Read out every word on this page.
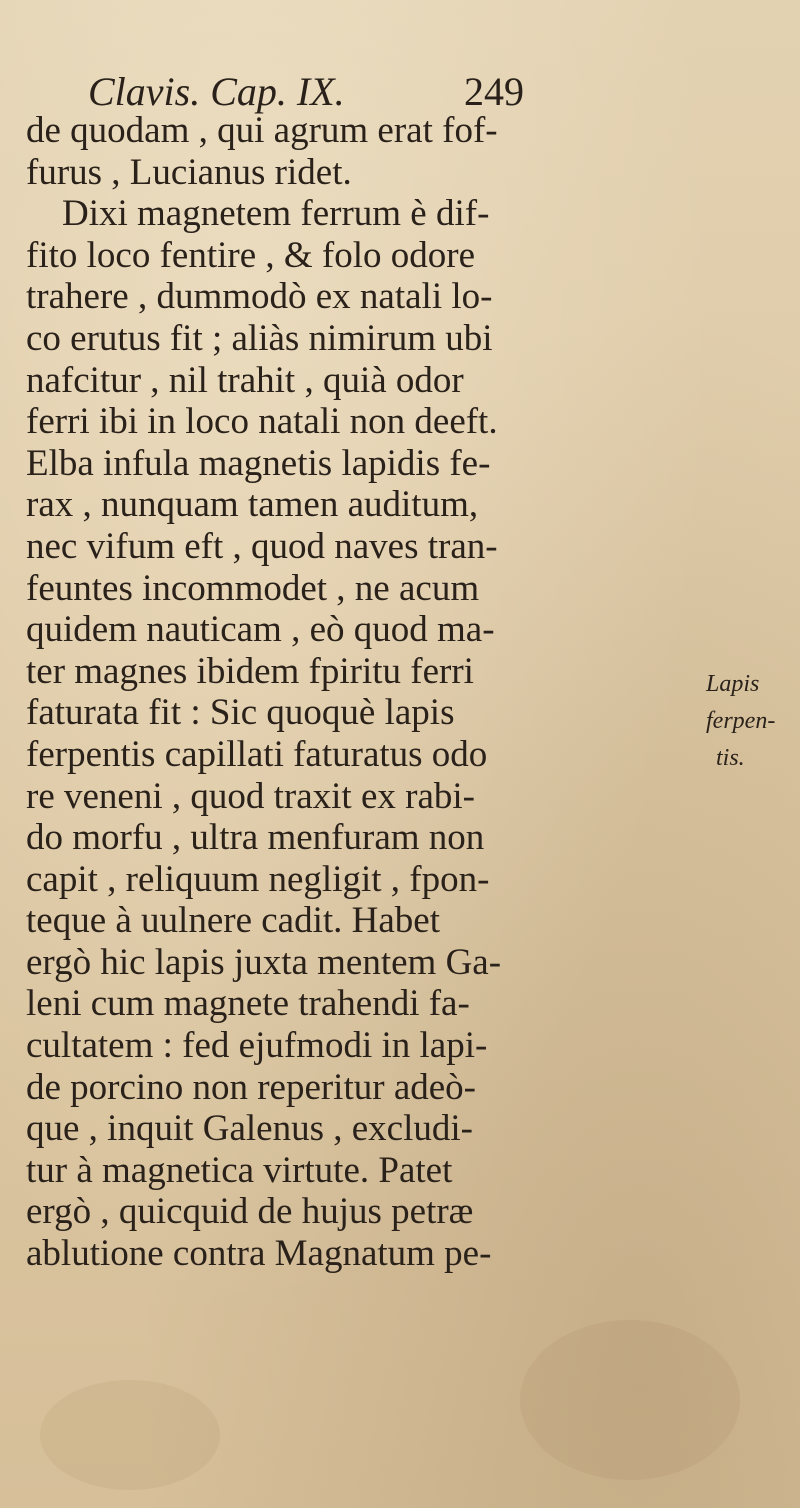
Clavis. Cap. IX.	249
de quodam , qui agrum erat fof-
furus , Lucianus ridet.
Dixi magnetem ferrum è dif-
fito loco fentire , & folo odore
trahere , dummodò ex natali lo-
co erutus fit ; aliàs nimirum ubi
nafcitur , nil trahit , quià odor
ferri ibi in loco natali non deeft.
Elba infula magnetis lapidis fe-
rax , nunquam tamen auditum,
nec vifum eft , quod naves tran-
feuntes incommodet , ne acum
quidem nauticam , eò quod ma-
ter magnes ibidem fpiritu ferri
faturata fit : Sic quoquè lapis
ferpentis capillati faturatus odo
re veneni , quod traxit ex rabi-
do morfu , ultra menfuram non
capit , reliquum negligit , fpon-
teque à uulnere cadit. Habet
ergò hic lapis juxta mentem Ga-
leni cum magnete trahendi fa-
cultatem : fed ejufmodi in lapi-
de porcino non reperitur adeò-
que , inquit Galenus , excludi-
tur à magnetica virtute. Patet
ergò , quicquid de hujus petræ
ablutione contra Magnatum pe-
Lapis
ferpen-
tis.
